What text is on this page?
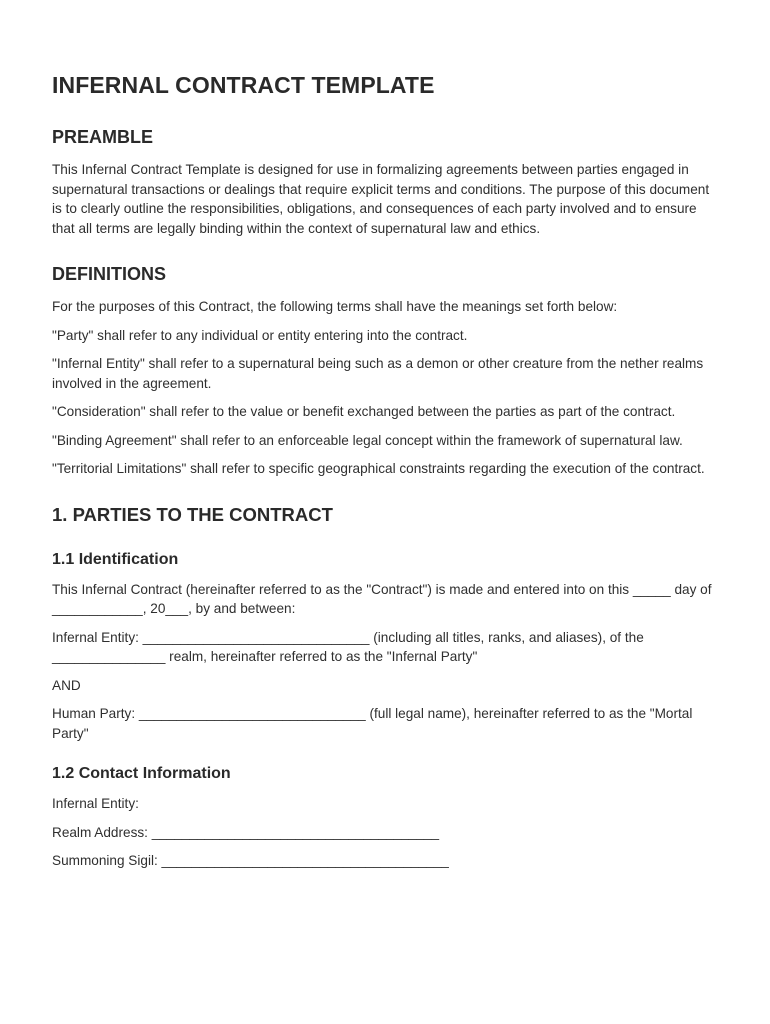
INFERNAL CONTRACT TEMPLATE
PREAMBLE

This Infernal Contract Template is designed for use in formalizing agreements between parties engaged in supernatural transactions or dealings that require explicit terms and conditions. The purpose of this document is to clearly outline the responsibilities, obligations, and consequences of each party involved and to ensure that all terms are legally binding within the context of supernatural law and ethics.

DEFINITIONS

For the purposes of this Contract, the following terms shall have the meanings set forth below:

"Party" shall refer to any individual or entity entering into the contract.

"Infernal Entity" shall refer to a supernatural being such as a demon or other creature from the nether realms involved in the agreement.

"Consideration" shall refer to the value or benefit exchanged between the parties as part of the contract.

"Binding Agreement" shall refer to an enforceable legal concept within the framework of supernatural law.

"Territorial Limitations" shall refer to specific geographical constraints regarding the execution of the contract.

1. PARTIES TO THE CONTRACT
1.1 Identification

This Infernal Contract (hereinafter referred to as the "Contract") is made and entered into on this _____ day of ____________, 20___, by and between:

Infernal Entity: ______________________________ (including all titles, ranks, and aliases), of the _______________ realm, hereinafter referred to as the "Infernal Party"

AND

Human Party: ______________________________ (full legal name), hereinafter referred to as the "Mortal Party"

1.2 Contact Information

Infernal Entity:

Realm Address: ______________________________________

Summoning Sigil: ______________________________________
